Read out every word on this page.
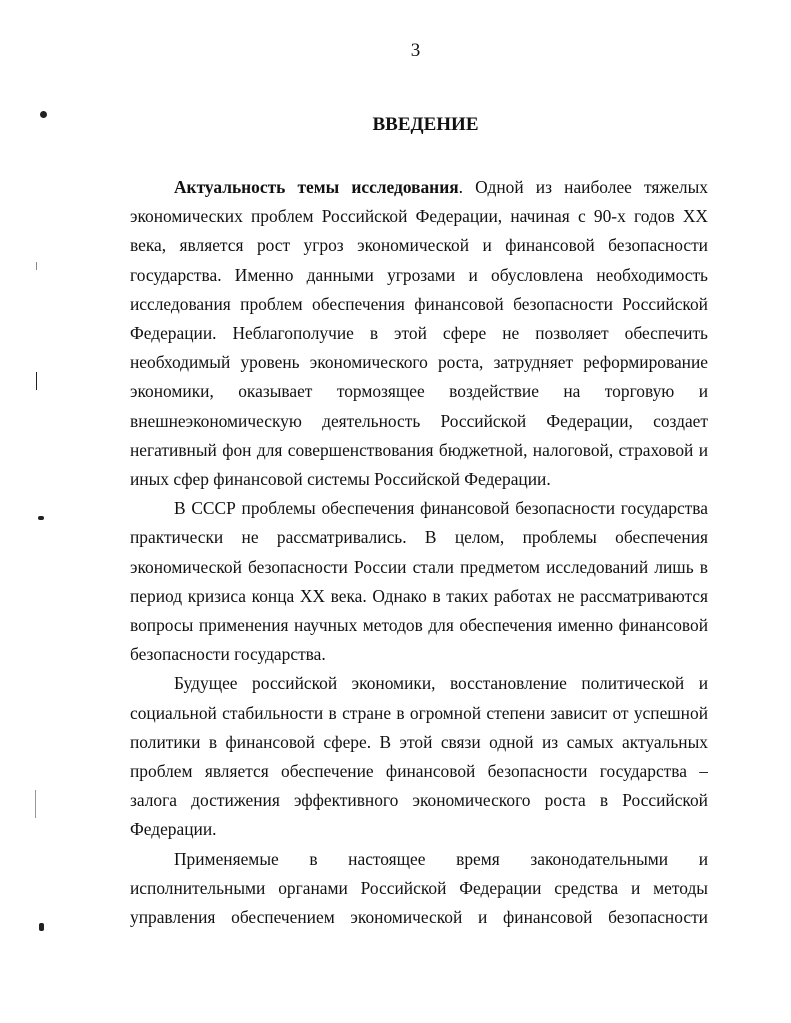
3
ВВЕДЕНИЕ

Актуальность темы исследования. Одной из наиболее тяжелых экономических проблем Российской Федерации, начиная с 90-х годов XX века, является рост угроз экономической и финансовой безопасности государства. Именно данными угрозами и обусловлена необходимость исследования проблем обеспечения финансовой безопасности Российской Федерации. Неблагополучие в этой сфере не позволяет обеспечить необходимый уровень экономического роста, затрудняет реформирование экономики, оказывает тормозящее воздействие на торговую и внешнеэкономическую деятельность Российской Федерации, создает негативный фон для совершенствования бюджетной, налоговой, страховой и иных сфер финансовой системы Российской Федерации.

В СССР проблемы обеспечения финансовой безопасности государства практически не рассматривались. В целом, проблемы обеспечения экономической безопасности России стали предметом исследований лишь в период кризиса конца XX века. Однако в таких работах не рассматриваются вопросы применения научных методов для обеспечения именно финансовой безопасности государства.

Будущее российской экономики, восстановление политической и социальной стабильности в стране в огромной степени зависит от успешной политики в финансовой сфере. В этой связи одной из самых актуальных проблем является обеспечение финансовой безопасности государства – залога достижения эффективного экономического роста в Российской Федерации.

Применяемые в настоящее время законодательными и исполнительными органами Российской Федерации средства и методы управления обеспечением экономической и финансовой безопасности
